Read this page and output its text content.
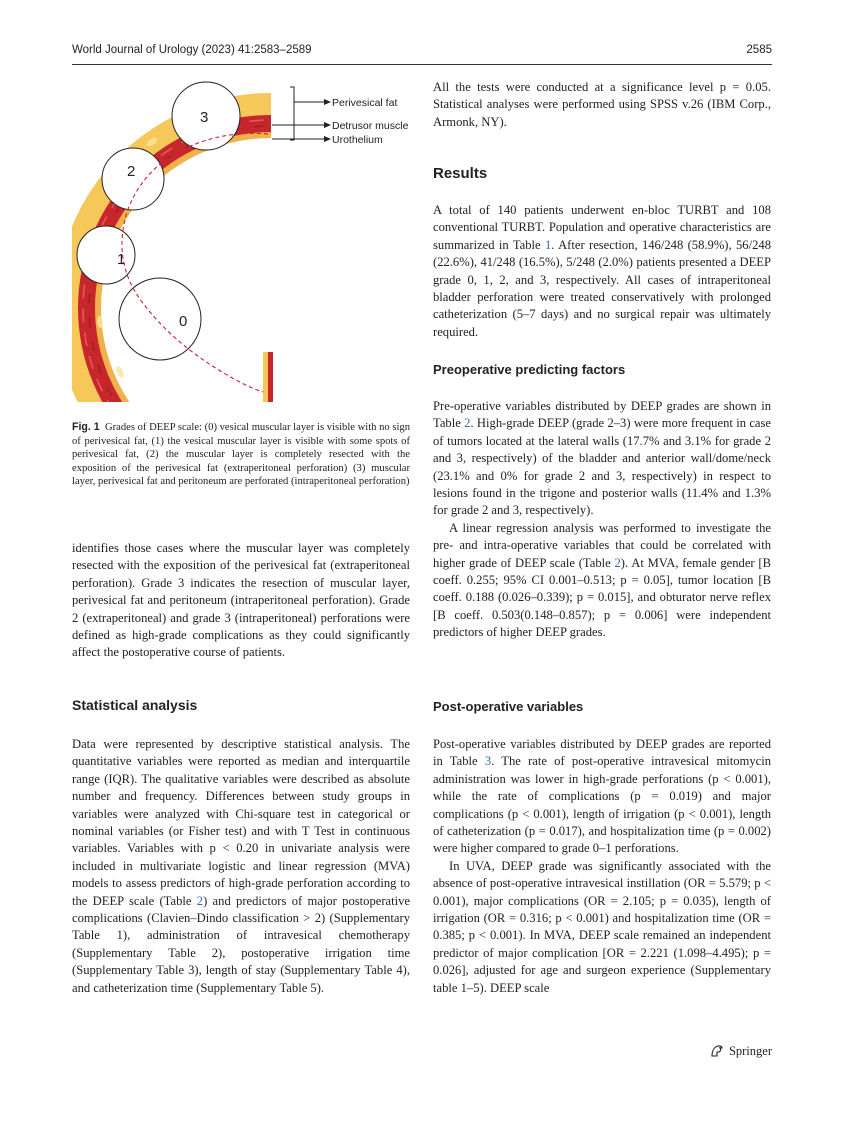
World Journal of Urology (2023) 41:2583–2589	2585
3
2
1
0
Perivesical fat
Detrusor muscle
Urothelium
Fig. 1 Grades of DEEP scale: (0) vesical muscular layer is visible with no sign of perivesical fat, (1) the vesical muscular layer is visible with some spots of perivesical fat, (2) the muscular layer is completely resected with the exposition of the perivesical fat (extraperitoneal perforation) (3) muscular layer, perivesical fat and peritoneum are perforated (intraperitoneal perforation)

identifies those cases where the muscular layer was completely resected with the exposition of the perivesical fat (extraperitoneal perforation). Grade 3 indicates the resection of muscular layer, perivesical fat and peritoneum (intraperitoneal perforation). Grade 2 (extraperitoneal) and grade 3 (intraperitoneal) perforations were defined as high-grade complications as they could significantly affect the postoperative course of patients.

Statistical analysis

Data were represented by descriptive statistical analysis. The quantitative variables were reported as median and interquartile range (IQR). The qualitative variables were described as absolute number and frequency. Differences between study groups in variables were analyzed with Chi-square test in categorical or nominal variables (or Fisher test) and with T Test in continuous variables. Variables with p < 0.20 in univariate analysis were included in multivariate logistic and linear regression (MVA) models to assess predictors of high-grade perforation according to the DEEP scale (Table 2) and predictors of major postoperative complications (Clavien–Dindo classification > 2) (Supplementary Table 1), administration of intravesical chemotherapy (Supplementary Table 2), postoperative irrigation time (Supplementary Table 3), length of stay (Supplementary Table 4), and catheterization time (Supplementary Table 5).

All the tests were conducted at a significance level p = 0.05. Statistical analyses were performed using SPSS v.26 (IBM Corp., Armonk, NY).

Results

A total of 140 patients underwent en-bloc TURBT and 108 conventional TURBT. Population and operative characteristics are summarized in Table 1. After resection, 146/248 (58.9%), 56/248 (22.6%), 41/248 (16.5%), 5/248 (2.0%) patients presented a DEEP grade 0, 1, 2, and 3, respectively. All cases of intraperitoneal bladder perforation were treated conservatively with prolonged catheterization (5–7 days) and no surgical repair was ultimately required.

Preoperative predicting factors

Pre-operative variables distributed by DEEP grades are shown in Table 2. High-grade DEEP (grade 2–3) were more frequent in case of tumors located at the lateral walls (17.7% and 3.1% for grade 2 and 3, respectively) of the bladder and anterior wall/dome/neck (23.1% and 0% for grade 2 and 3, respectively) in respect to lesions found in the trigone and posterior walls (11.4% and 1.3% for grade 2 and 3, respectively).

A linear regression analysis was performed to investigate the pre- and intra-operative variables that could be correlated with higher grade of DEEP scale (Table 2). At MVA, female gender [B coeff. 0.255; 95% CI 0.001–0.513; p = 0.05], tumor location [B coeff. 0.188 (0.026–0.339); p = 0.015], and obturator nerve reflex [B coeff. 0.503(0.148–0.857); p = 0.006] were independent predictors of higher DEEP grades.

Post-operative variables

Post-operative variables distributed by DEEP grades are reported in Table 3. The rate of post-operative intravesical mitomycin administration was lower in high-grade perforations (p < 0.001), while the rate of complications (p = 0.019) and major complications (p < 0.001), length of irrigation (p < 0.001), length of catheterization (p = 0.017), and hospitalization time (p = 0.002) were higher compared to grade 0–1 perforations.

In UVA, DEEP grade was significantly associated with the absence of post-operative intravesical instillation (OR = 5.579; p < 0.001), major complications (OR = 2.105; p = 0.035), length of irrigation (OR = 0.316; p < 0.001) and hospitalization time (OR = 0.385; p < 0.001). In MVA, DEEP scale remained an independent predictor of major complication [OR = 2.221 (1.098–4.495); p = 0.026], adjusted for age and surgeon experience (Supplementary table 1–5). DEEP scale

Springer
